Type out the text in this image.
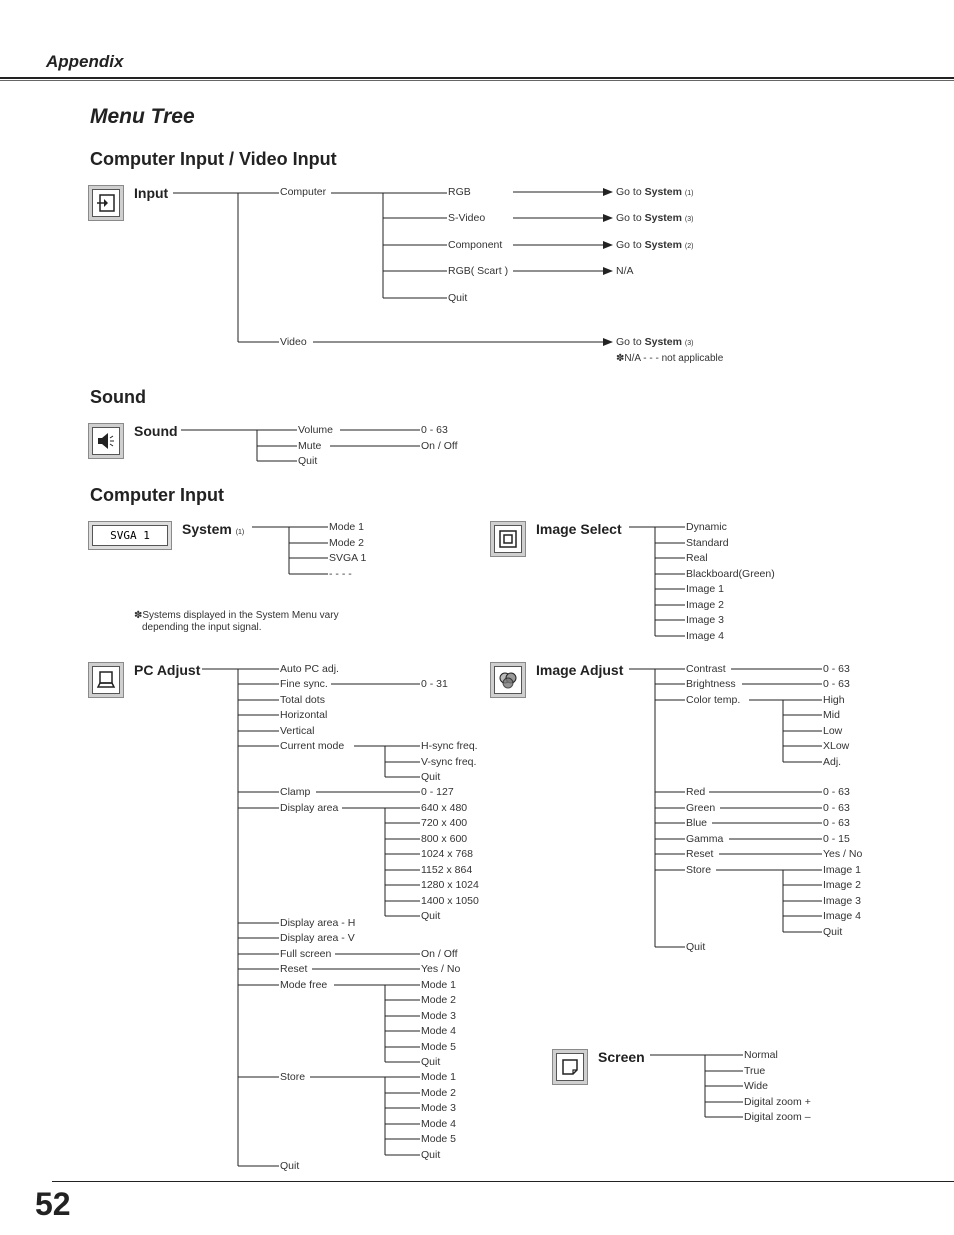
Appendix
Menu Tree
Computer Input / Video Input
Sound
Computer Input
SVGA 1
Input	Computer
Video
RGB
S-Video
Component
RGB( Scart )
Quit
Go to System (1)
Go to System (3)
Go to System (2)
N/A
Go to System (3)
✽N/A - - - not applicable
Sound	Volume
Mute
Quit
0 - 63
On / Off
System (1)	Mode 1
Mode 2
SVGA 1
- - - -
✽Systems displayed in the System Menu vary
depending the input signal.
Image Select	Dynamic
Standard
Real
Blackboard(Green)
Image 1
Image 2
Image 3
Image 4
PC Adjust	Auto PC adj.
Fine sync.
Total dots
Horizontal
Vertical
Current mode
Clamp
Display area
Display area - H
Display area - V
Full screen
Reset
Mode free
Store
Quit
0 - 31
H-sync freq.
V-sync freq.
Quit
0 - 127
640 x 480
720 x 400
800 x 600
1024 x 768
1152 x 864
1280 x 1024
1400 x 1050
Quit
On / Off
Yes / No
Mode 1
Mode 2
Mode 3
Mode 4
Mode 5
Quit
Mode 1
Mode 2
Mode 3
Mode 4
Mode 5
Quit
Image Adjust	Contrast
Brightness
Color temp.
Red
Green
Blue
Gamma
Reset
Store
Quit
0 - 63
0 - 63
High
Mid
Low
XLow
Adj.
0 - 63
0 - 63
0 - 63
0 - 15
Yes / No
Image 1
Image 2
Image 3
Image 4
Quit
Screen	Normal
True
Wide
Digital zoom +
Digital zoom –
52
